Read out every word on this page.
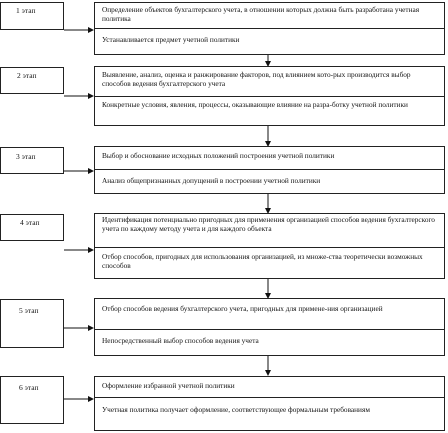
1 этап	Определение объектов бухгалтерского учета, в отношении которых должна быть разработана учетная политика
Устанавливается предмет учетной политики
2 этап	Выявление, анализ, оценка и ранжирование факторов, под влиянием кото-рых производится выбор способов ведения бухгалтерского учета
Конкретные условия, явления, процессы, оказывающие влияние на разра-ботку учетной политики
3 этап	Выбор и обоснование исходных положений построения учетной политики
Анализ общепризнанных допущений в построении учетной политики
4 этап	Идентификация потенциально пригодных для применения организацией способов ведения бухгалтерского учета по каждому методу учета и для каждого объекта
Отбор способов, пригодных для использования организацией, из множе-ства теоретически возможных способов
5 этап	Отбор способов ведения бухгалтерского учета, пригодных для примене-ния организацией
Непосредственный выбор способов ведения учета
6 этап	Оформление избранной учетной политики
Учетная политика получает оформление, соответствующее формальным требованиям
